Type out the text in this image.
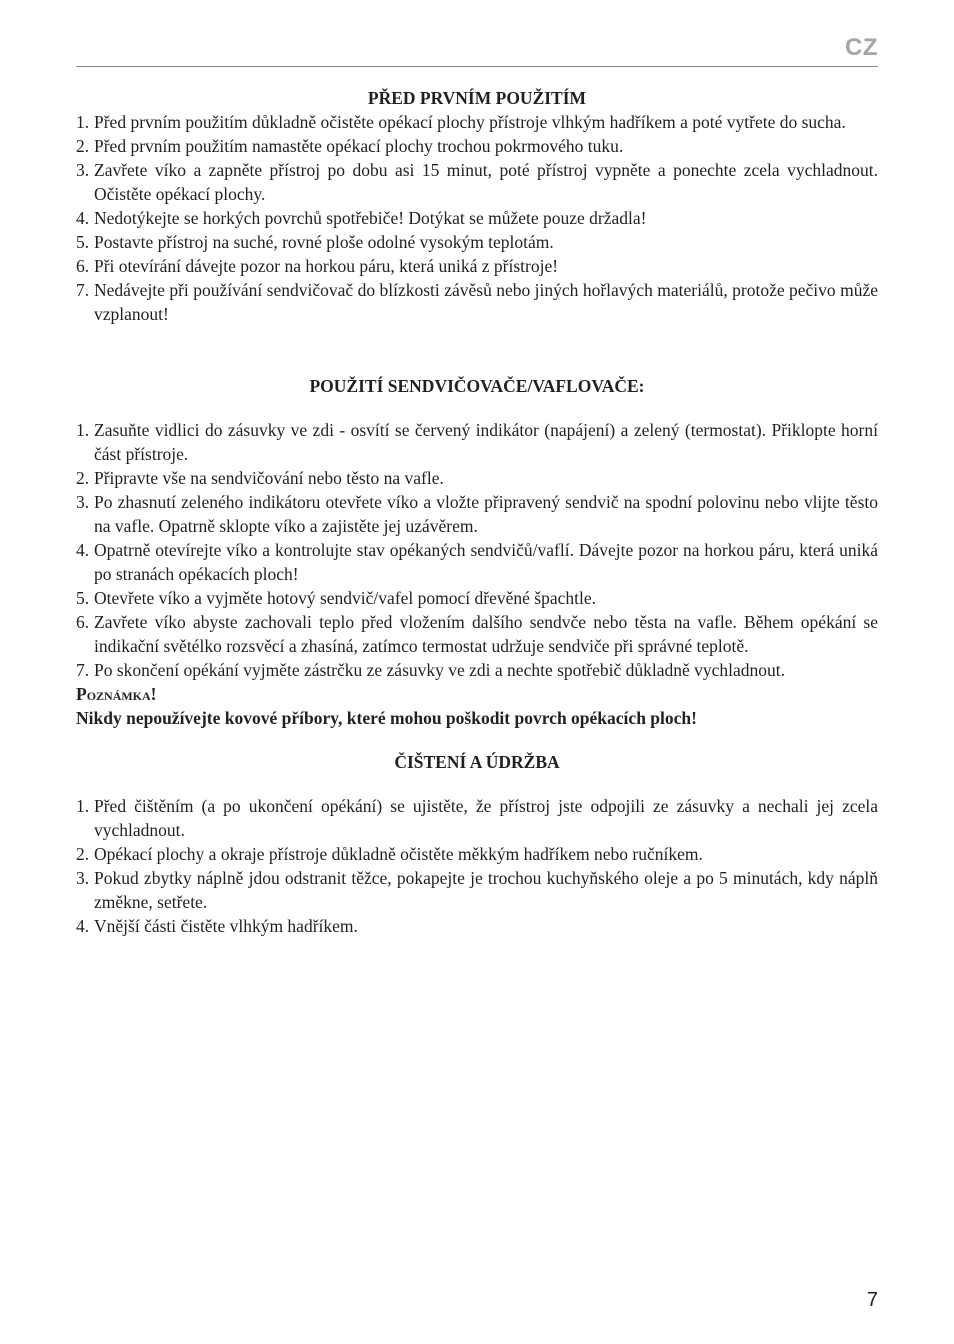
CZ
PŘED PRVNÍM POUŽITÍM
1. Před prvním použitím důkladně očistěte opékací plochy přístroje vlhkým hadříkem a poté vytřete do sucha.
2. Před prvním použitím namastěte opékací plochy trochou pokrmového tuku.
3. Zavřete víko a zapněte přístroj po dobu asi 15 minut, poté přístroj vypněte a ponechte zcela vychladnout. Očistěte opékací plochy.
4. Nedotýkejte se horkých povrchů spotřebiče! Dotýkat se můžete pouze držadla!
5. Postavte přístroj na suché, rovné ploše odolné vysokým teplotám.
6. Při otevírání dávejte pozor na horkou páru, která uniká z přístroje!
7. Nedávejte při používání sendvičovač do blízkosti závěsů nebo jiných hořlavých materiálů, protože pečivo může vzplanout!
POUŽITÍ SENDVIČOVAČE/VAFLOVAČE:
1. Zasuňte vidlici do zásuvky ve zdi - osvítí se červený indikátor (napájení) a zelený (termostat). Přiklopte horní část přístroje.
2. Připravte vše na sendvičování nebo těsto na vafle.
3. Po zhasnutí zeleného indikátoru otevřete víko a vložte připravený sendvič na spodní polovinu nebo vlijte těsto na vafle. Opatrně sklopte víko a zajistěte jej uzávěrem.
4. Opatrně otevírejte víko a kontrolujte stav opékaných sendvičů/vaflí. Dávejte pozor na horkou páru, která uniká po stranách opékacích ploch!
5. Otevřete víko a vyjměte hotový sendvič/vafel pomocí dřevěné špachtle.
6. Zavřete víko abyste zachovali teplo před vložením dalšího sendvče nebo těsta na vafle. Během opékání se indikační světélko rozsvěcí a zhasíná, zatímco termostat udržuje sendviče při správné teplotě.
7. Po skončení opékání vyjměte zástrčku ze zásuvky ve zdi a nechte spotřebič důkladně vychladnout.

Poznámka!

Nikdy nepoužívejte kovové příbory, které mohou poškodit povrch opékacích ploch!

ČIŠTENÍ A ÚDRŽBA
1. Před čištěním (a po ukončení opékání) se ujistěte, že přístroj jste odpojili ze zásuvky a nechali jej zcela vychladnout.
2. Opékací plochy a okraje přístroje důkladně očistěte měkkým hadříkem nebo ručníkem.
3. Pokud zbytky náplně jdou odstranit těžce, pokapejte je trochou kuchyňského oleje a po 5 minutách, kdy náplň změkne, setřete.
4. Vnější části čistěte vlhkým hadříkem.
7
